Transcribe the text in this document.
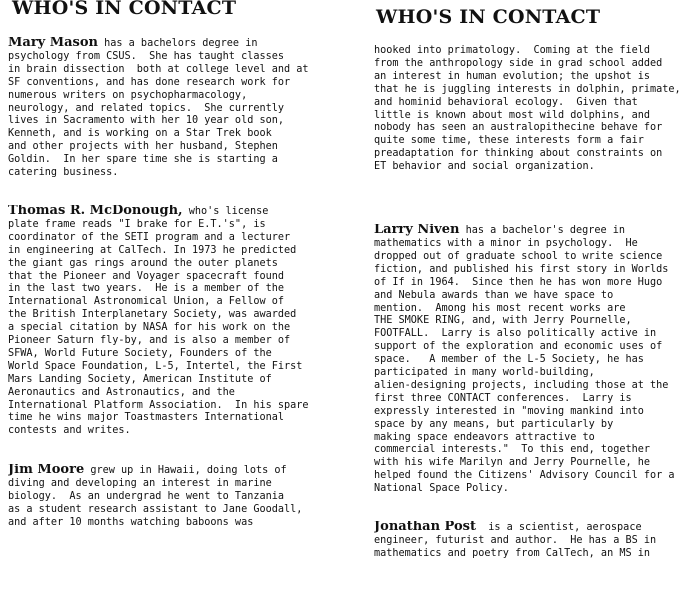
WHO'S IN CONTACT

Mary Mason has a bachelors degree in
psychology from CSUS.  She has taught classes
in brain dissection  both at college level and at
SF conventions, and has done research work for
numerous writers on psychopharmacology,
neurology, and related topics.  She currently
lives in Sacramento with her 10 year old son,
Kenneth, and is working on a Star Trek book
and other projects with her husband, Stephen
Goldin.  In her spare time she is starting a
catering business.

Thomas R. McDonough, who's license
plate frame reads "I brake for E.T.'s", is
coordinator of the SETI program and a lecturer
in engineering at CalTech. In 1973 he predicted
the giant gas rings around the outer planets
that the Pioneer and Voyager spacecraft found
in the last two years.  He is a member of the
International Astronomical Union, a Fellow of
the British Interplanetary Society, was awarded
a special citation by NASA for his work on the
Pioneer Saturn fly-by, and is also a member of
SFWA, World Future Society, Founders of the
World Space Foundation, L-5, Intertel, the First
Mars Landing Society, American Institute of
Aeronautics and Astronautics, and the
International Platform Association.  In his spare
time he wins major Toastmasters International
contests and writes.

Jim Moore grew up in Hawaii, doing lots of
diving and developing an interest in marine
biology.  As an undergrad he went to Tanzania
as a student research assistant to Jane Goodall,
and after 10 months watching baboons was

WHO'S IN CONTACT

hooked into primatology.  Coming at the field
from the anthropology side in grad school added
an interest in human evolution; the upshot is
that he is juggling interests in dolphin, primate,
and hominid behavioral ecology.  Given that
little is known about most wild dolphins, and
nobody has seen an australopithecine behave for
quite some time, these interests form a fair
preadaptation for thinking about constraints on
ET behavior and social organization.

Larry Niven has a bachelor's degree in
mathematics with a minor in psychology.  He
dropped out of graduate school to write science
fiction, and published his first story in Worlds
of If in 1964.  Since then he has won more Hugo
and Nebula awards than we have space to
mention.  Among his most recent works are
THE SMOKE RING, and, with Jerry Pournelle,
FOOTFALL.  Larry is also politically active in
support of the exploration and economic uses of
space.   A member of the L-5 Society, he has
participated in many world-building,
alien-designing projects, including those at the
first three CONTACT conferences.  Larry is
expressly interested in "moving mankind into
space by any means, but particularly by
making space endeavors attractive to
commercial interests."  To this end, together
with his wife Marilyn and Jerry Pournelle, he
helped found the Citizens' Advisory Council for a
National Space Policy.

Jonathan Post  is a scientist, aerospace
engineer, futurist and author.  He has a BS in
mathematics and poetry from CalTech, an MS in
